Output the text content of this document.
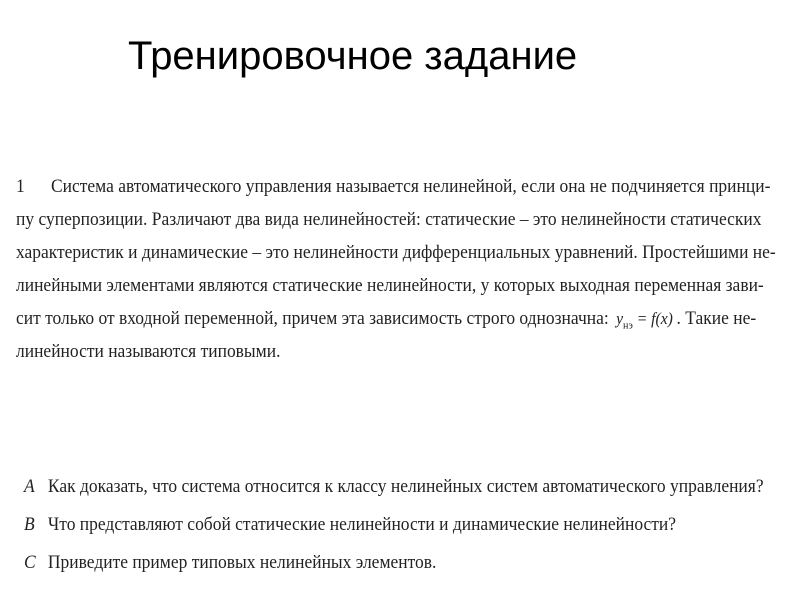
Тренировочное задание
1 Система автоматического управления называется нелинейной, если она не подчиняется принци-
пу суперпозиции. Различают два вида нелинейностей: статические – это нелинейности статических
характеристик и динамические – это нелинейности дифференциальных уравнений. Простейшими не-
линейными элементами являются статические нелинейности, у которых выходная переменная зави-
сит только от входной переменной, причем эта зависимость строго однозначна: $y_{нэ} = f(x)$ . Такие не-
линейности называются типовыми.
A Как доказать, что система относится к классу нелинейных систем автоматического управления?
B Что представляют собой статические нелинейности и динамические нелинейности?
C Приведите пример типовых нелинейных элементов.
